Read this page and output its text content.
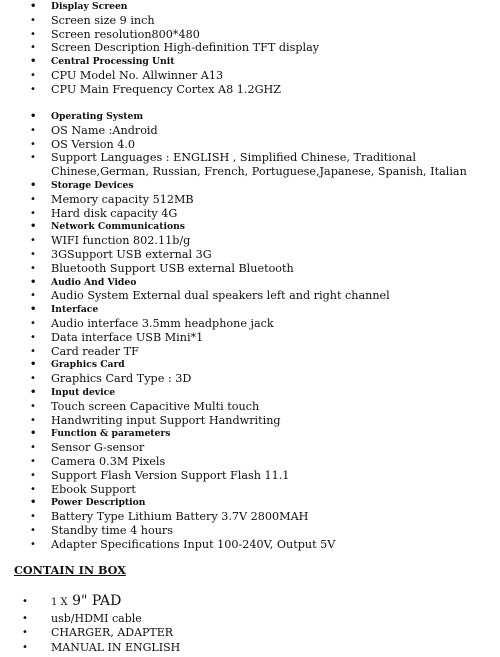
• Display Screen
• Screen size 9 inch
• Screen resolution800*480
• Screen Description High-definition TFT display
• Central Processing Unit
• CPU Model No. Allwinner A13
• CPU Main Frequency Cortex A8 1.2GHZ
• Operating System
• OS Name :Android
• OS Version 4.0
• Support Languages : ENGLISH , Simplified Chinese, Traditional Chinese,German, Russian, French, Portuguese,Japanese, Spanish, Italian
• Storage Devices
• Memory capacity 512MB
• Hard disk capacity 4G
• Network Communications
• WIFI function 802.11b/g
• 3GSupport USB external 3G
• Bluetooth Support USB external Bluetooth
• Audio And Video
• Audio System External dual speakers left and right channel
• Interface
• Audio interface 3.5mm headphone jack
• Data interface USB Mini*1
• Card reader TF
• Graphics Card
• Graphics Card Type : 3D
• Input device
• Touch screen Capacitive Multi touch
• Handwriting input Support Handwriting
• Function & parameters
• Sensor G-sensor
• Camera 0.3M Pixels
• Support Flash Version Support Flash 11.1
• Ebook Support
• Power Description
• Battery Type Lithium Battery 3.7V 2800MAH
• Standby time 4 hours
• Adapter Specifications Input 100-240V, Output 5V
CONTAIN IN BOX
• 1 X 9" PAD
• usb/HDMI cable
• CHARGER, ADAPTER
• MANUAL IN ENGLISH
